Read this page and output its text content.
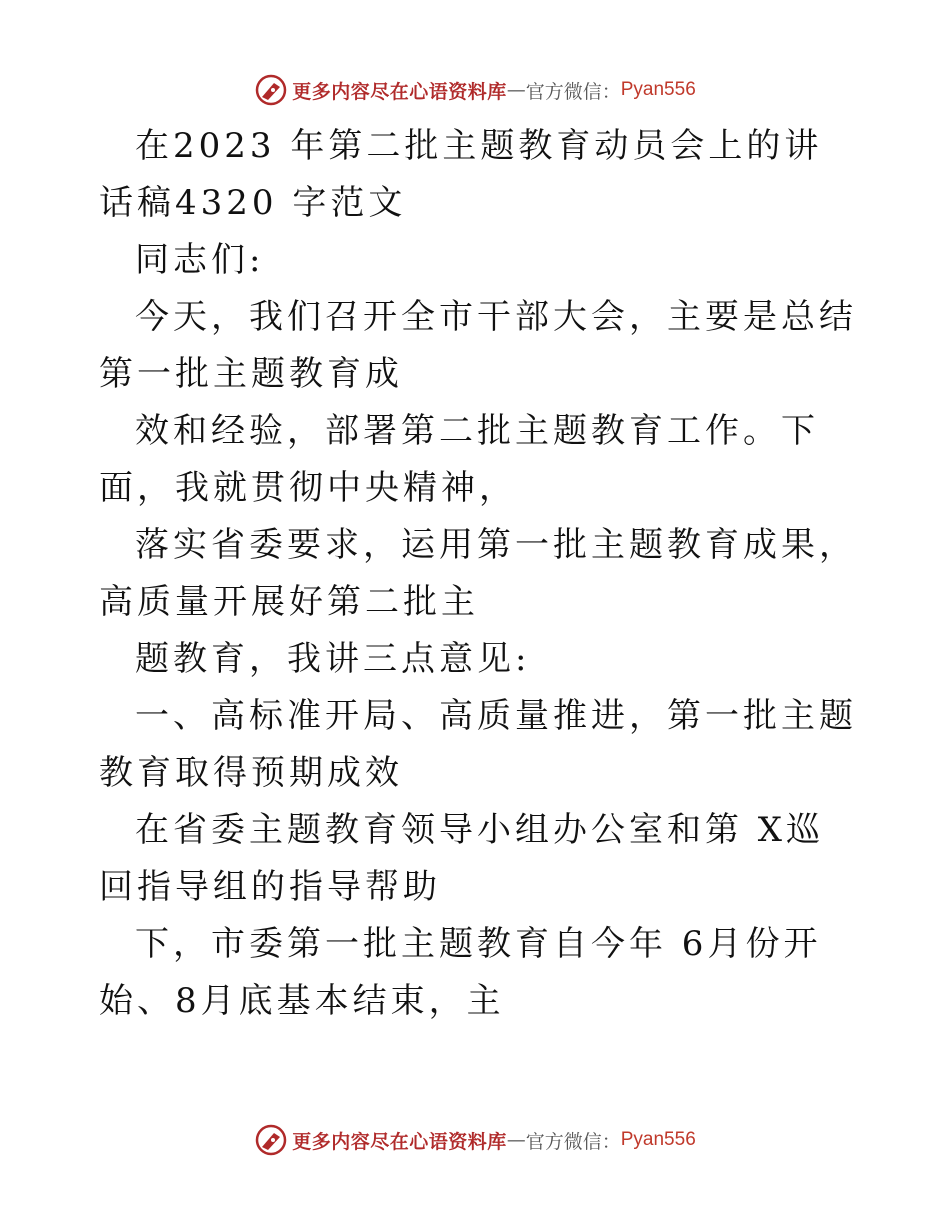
更多内容尽在心语资料库 — 官方微信： Pyan556

在2023 年第二批主题教育动员会上的讲话稿4320 字范文

同志们:

今天，我们召开全市干部大会，主要是总结第一批主题教育成

效和经验，部署第二批主题教育工作。下面，我就贯彻中央精神，

落实省委要求，运用第一批主题教育成果，高质量开展好第二批主

题教育，我讲三点意见:

一、高标准开局、高质量推进，第一批主题教育取得预期成效

在省委主题教育领导小组办公室和第 X巡回指导组的指导帮助

下，市委第一批主题教育自今年 6月份开始、8月底基本结束，主

更多内容尽在心语资料库 — 官方微信： Pyan556
